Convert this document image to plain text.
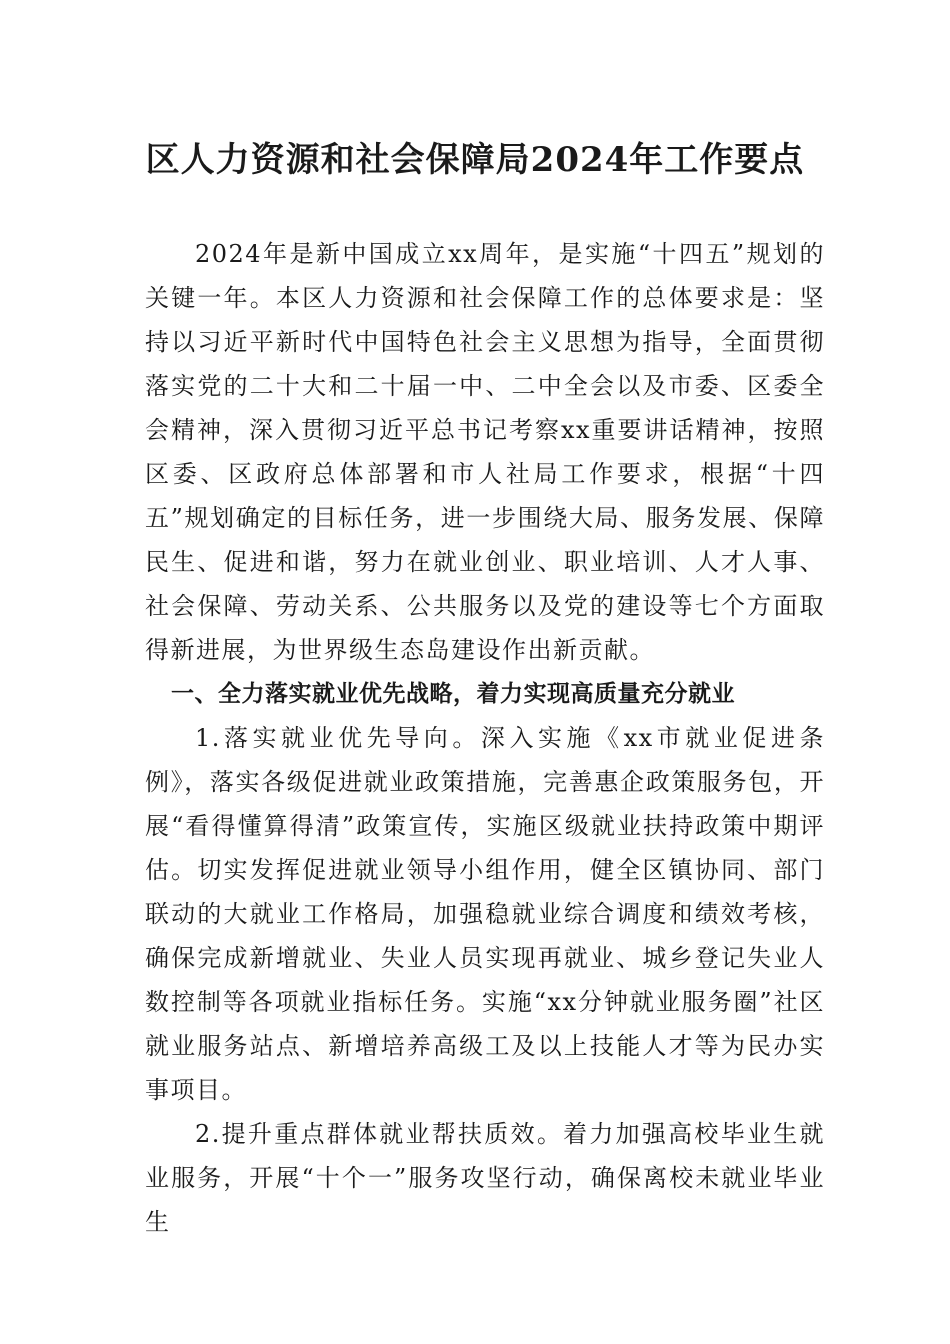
区人力资源和社会保障局2024年工作要点

2024年是新中国成立xx周年，是实施“十四五”规划的关键一年。本区人力资源和社会保障工作的总体要求是：坚持以习近平新时代中国特色社会主义思想为指导，全面贯彻落实党的二十大和二十届一中、二中全会以及市委、区委全会精神，深入贯彻习近平总书记考察xx重要讲话精神，按照区委、区政府总体部署和市人社局工作要求，根据“十四五”规划确定的目标任务，进一步围绕大局、服务发展、保障民生、促进和谐，努力在就业创业、职业培训、人才人事、社会保障、劳动关系、公共服务以及党的建设等七个方面取得新进展，为世界级生态岛建设作出新贡献。

一、全力落实就业优先战略，着力实现高质量充分就业

1.落实就业优先导向。深入实施《xx市就业促进条例》，落实各级促进就业政策措施，完善惠企政策服务包，开展“看得懂算得清”政策宣传，实施区级就业扶持政策中期评估。切实发挥促进就业领导小组作用，健全区镇协同、部门联动的大就业工作格局，加强稳就业综合调度和绩效考核，确保完成新增就业、失业人员实现再就业、城乡登记失业人数控制等各项就业指标任务。实施“xx分钟就业服务圈”社区就业服务站点、新增培养高级工及以上技能人才等为民办实事项目。

2.提升重点群体就业帮扶质效。着力加强高校毕业生就业服务，开展“十个一”服务攻坚行动，确保离校未就业毕业生
